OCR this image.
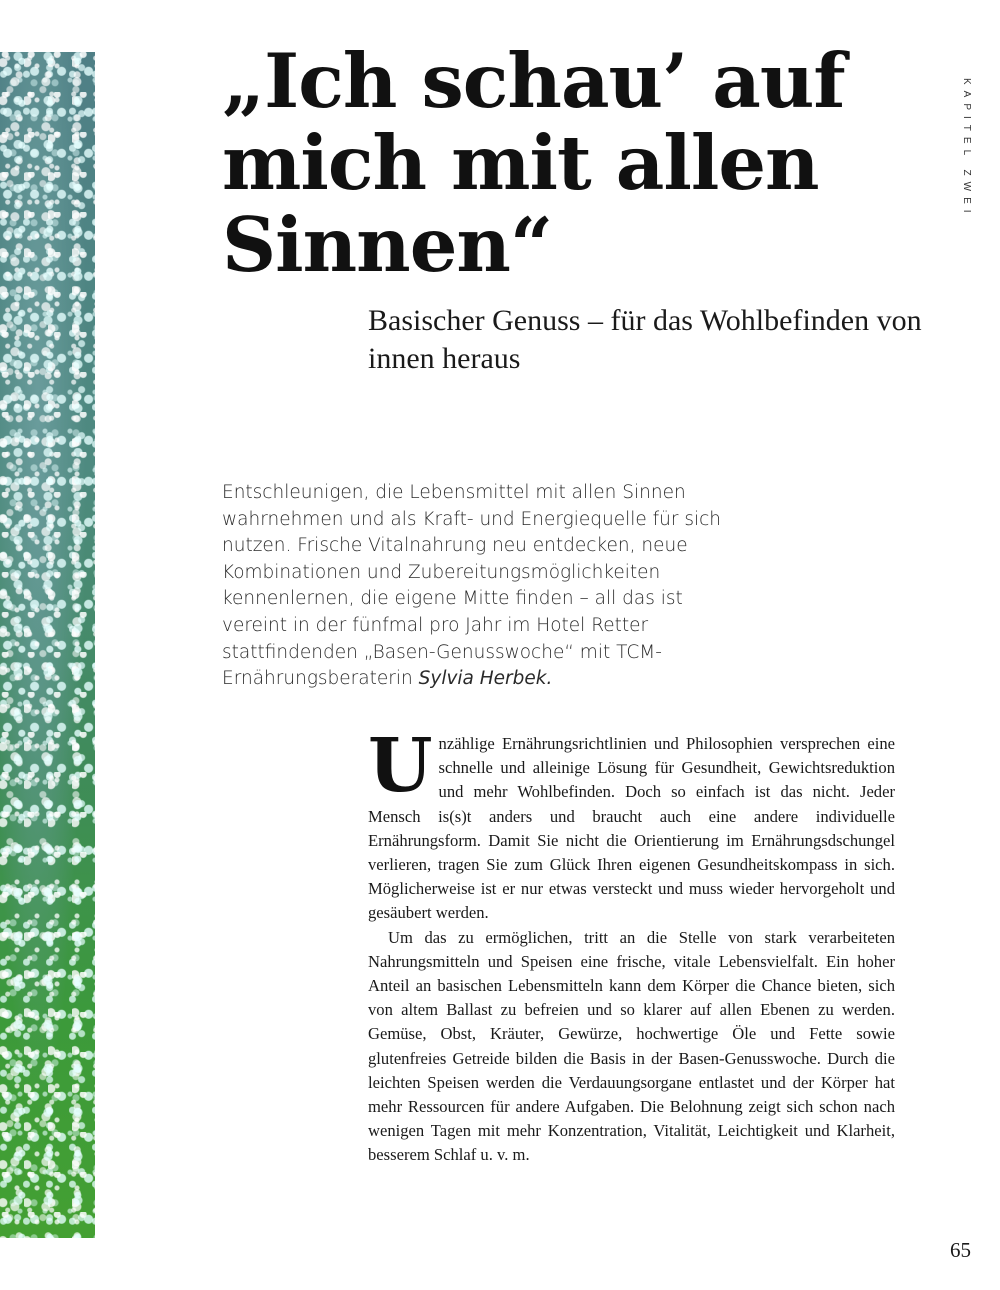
„Ich schau’ auf mich mit allen Sinnen“
Basischer Genuss – für das Wohlbefinden von innen heraus
KAPITEL ZWEI

Entschleunigen, die Lebensmittel mit allen Sinnen wahrnehmen und als Kraft- und Energiequelle für sich nutzen. Frische Vitalnahrung neu entdecken, neue Kombinationen und Zubereitungsmöglichkeiten kennenlernen, die eigene Mitte finden – all das ist vereint in der fünfmal pro Jahr im Hotel Retter stattfindenden „Basen-Genusswoche“ mit TCM-Ernährungsberaterin Sylvia Herbek.

Unzählige Ernährungsrichtlinien und Philosophien versprechen eine schnelle und alleinige Lösung für Gesundheit, Gewichtsreduktion und mehr Wohlbefinden. Doch so einfach ist das nicht. Jeder Mensch is(s)t anders und braucht auch eine andere individuelle Ernährungsform. Damit Sie nicht die Orientierung im Ernährungsdschungel verlieren, tragen Sie zum Glück Ihren eigenen Gesundheitskompass in sich. Möglicherweise ist er nur etwas versteckt und muss wieder hervorgeholt und gesäubert werden.

Um das zu ermöglichen, tritt an die Stelle von stark verarbeiteten Nahrungsmitteln und Speisen eine frische, vitale Lebensvielfalt. Ein hoher Anteil an basischen Lebensmitteln kann dem Körper die Chance bieten, sich von altem Ballast zu befreien und so klarer auf allen Ebenen zu werden. Gemüse, Obst, Kräuter, Gewürze, hochwertige Öle und Fette sowie glutenfreies Getreide bilden die Basis in der Basen-Genusswoche. Durch die leichten Speisen werden die Verdauungsorgane entlastet und der Körper hat mehr Ressourcen für andere Aufgaben. Die Belohnung zeigt sich schon nach wenigen Tagen mit mehr Konzentration, Vitalität, Leichtigkeit und Klarheit, besserem Schlaf u. v. m.

65
